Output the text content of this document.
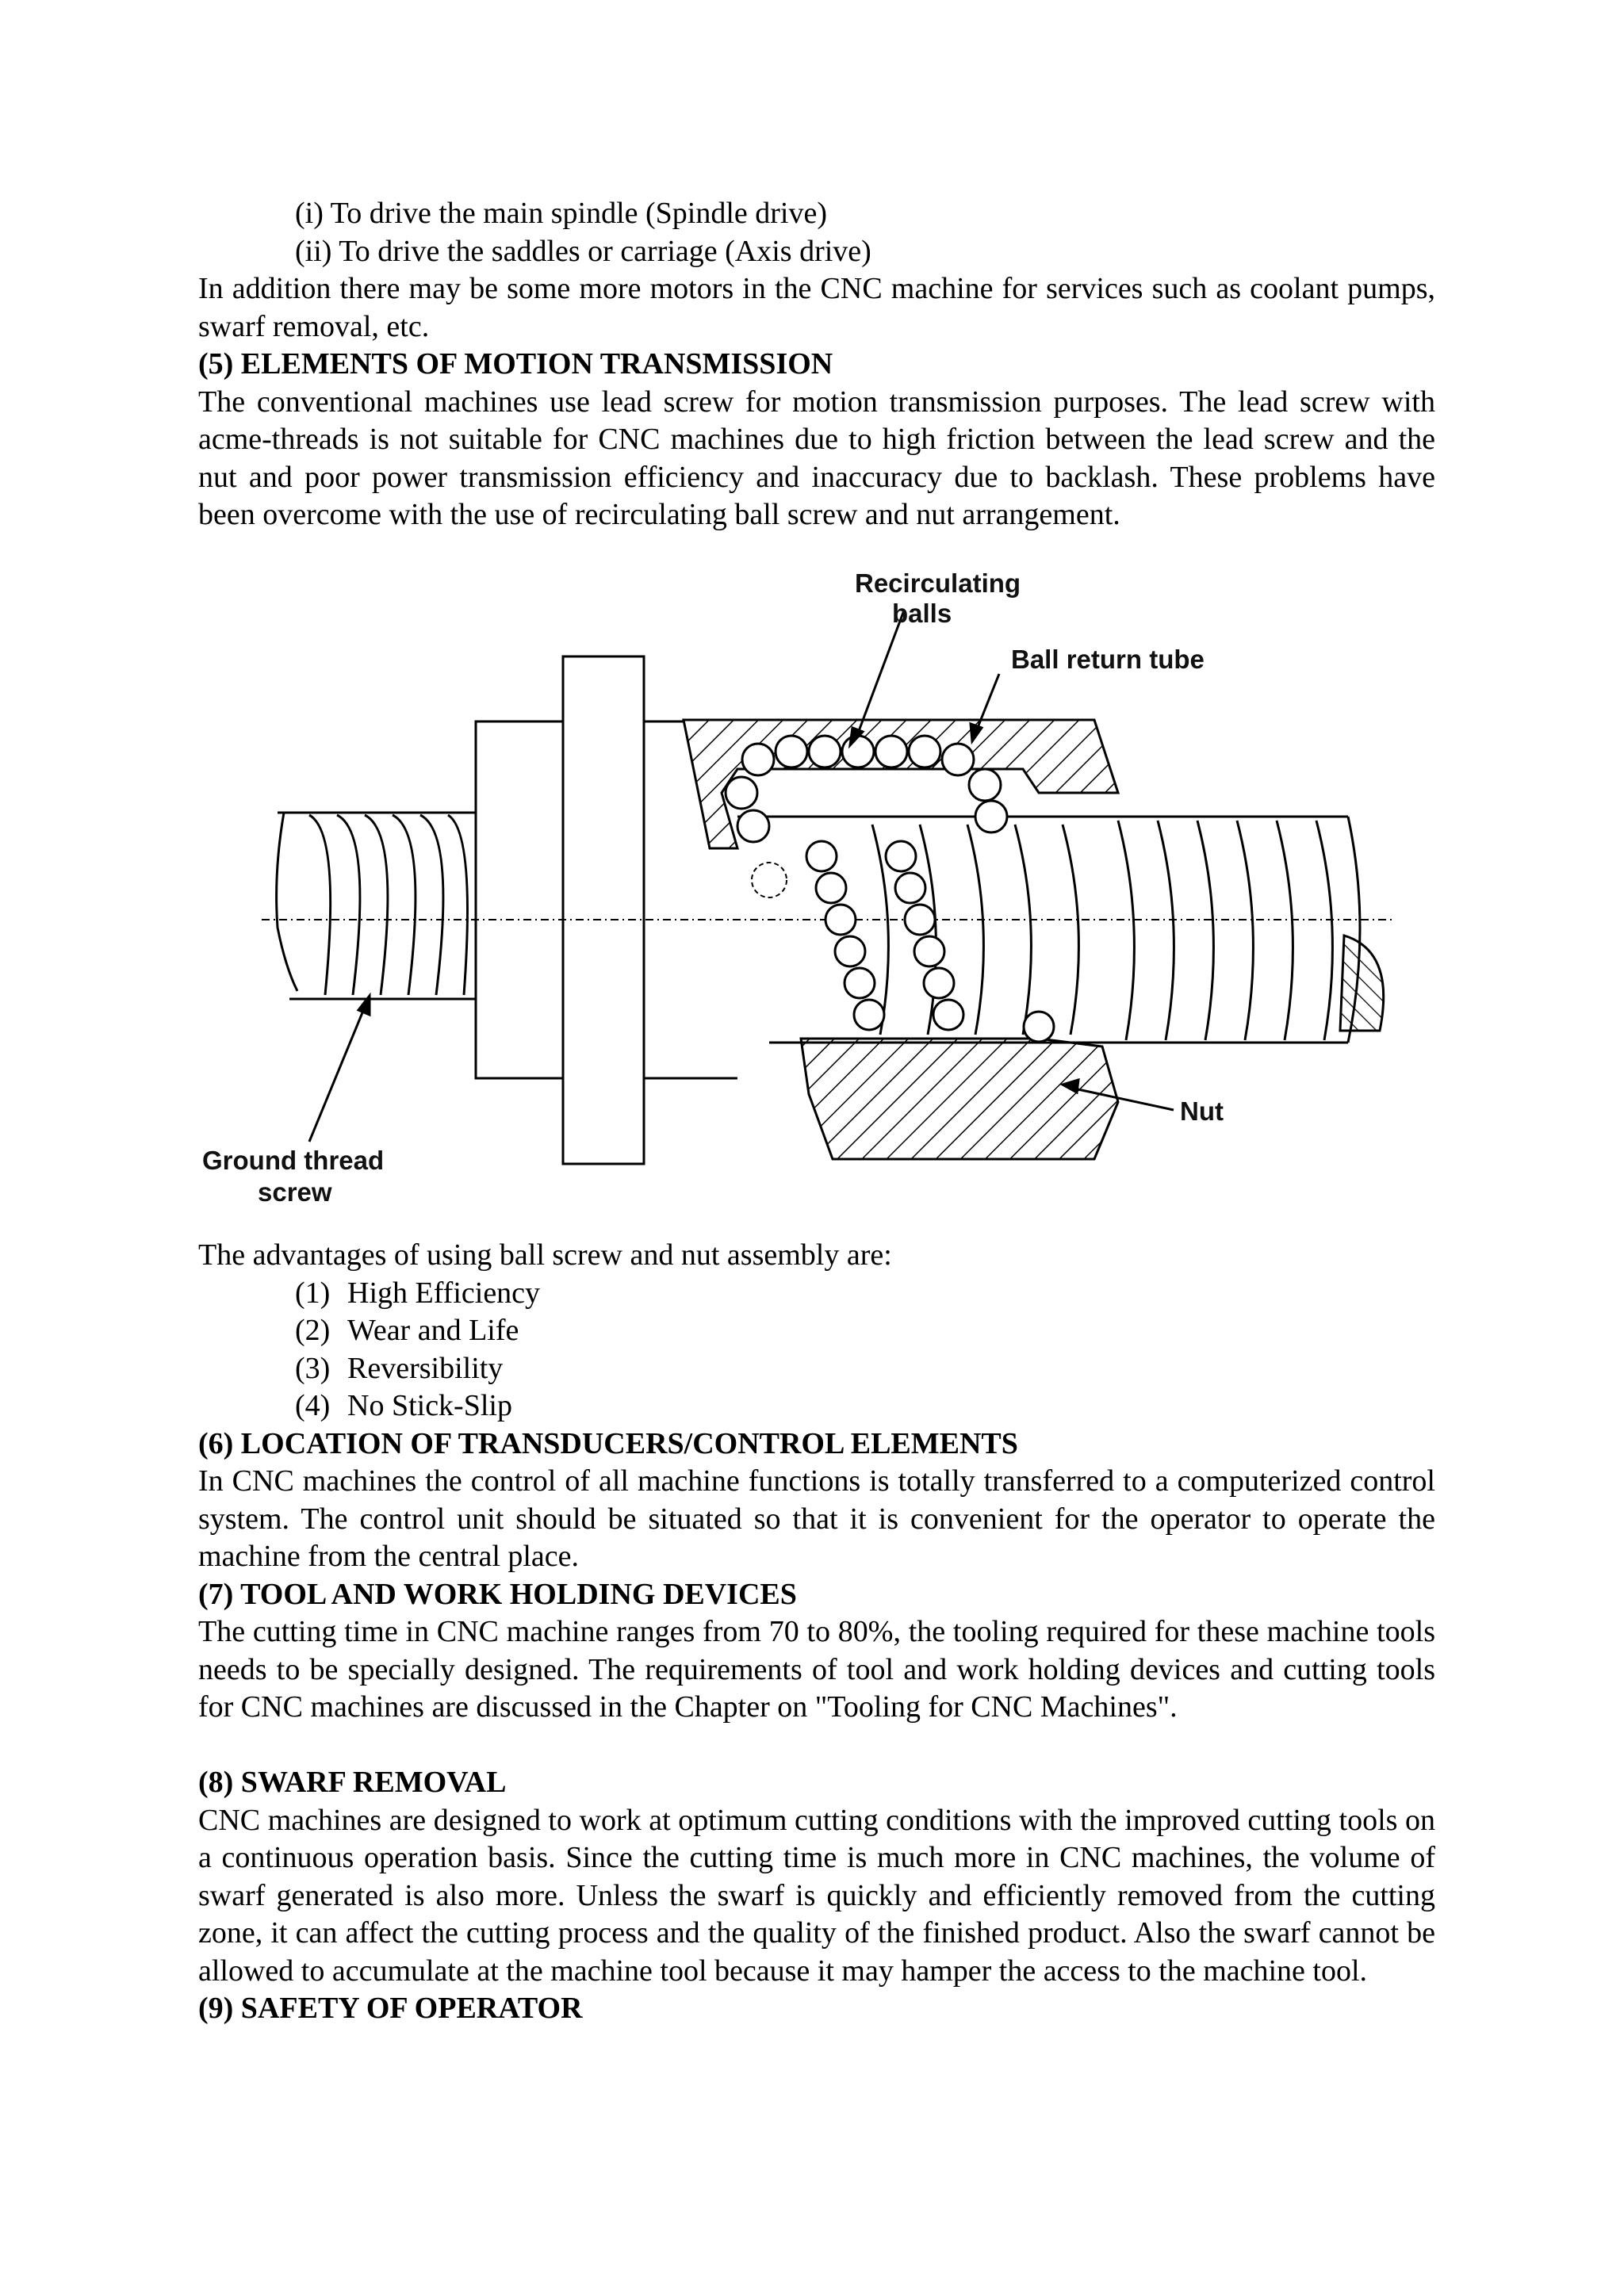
(i) To drive the main spindle (Spindle drive)
(ii) To drive the saddles or carriage (Axis drive)
In addition there may be some more motors in the CNC machine for services such as coolant pumps, swarf removal, etc.
(5) ELEMENTS OF MOTION TRANSMISSION
The conventional machines use lead screw for motion transmission purposes. The lead screw with acme-threads is not suitable for CNC machines due to high friction between the lead screw and the nut and poor power transmission efficiency and inaccuracy due to backlash. These problems have been overcome with the use of recirculating ball screw and nut arrangement.
Recirculating
balls
Ball return tube
Nut
Ground thread
screw
The advantages of using ball screw and nut assembly are:
(1) High Efficiency
(2) Wear and Life
(3) Reversibility
(4) No Stick-Slip
(6) LOCATION OF TRANSDUCERS/CONTROL ELEMENTS
In CNC machines the control of all machine functions is totally transferred to a computerized control system. The control unit should be situated so that it is convenient for the operator to operate the machine from the central place.
(7) TOOL AND WORK HOLDING DEVICES
The cutting time in CNC machine ranges from 70 to 80%, the tooling required for these machine tools needs to be specially designed. The requirements of tool and work holding devices and cutting tools for CNC machines are discussed in the Chapter on "Tooling for CNC Machines".
(8) SWARF REMOVAL
CNC machines are designed to work at optimum cutting conditions with the improved cutting tools on a continuous operation basis. Since the cutting time is much more in CNC machines, the volume of swarf generated is also more. Unless the swarf is quickly and efficiently removed from the cutting zone, it can affect the cutting process and the quality of the finished product. Also the swarf cannot be allowed to accumulate at the machine tool because it may hamper the access to the machine tool.
(9) SAFETY OF OPERATOR
